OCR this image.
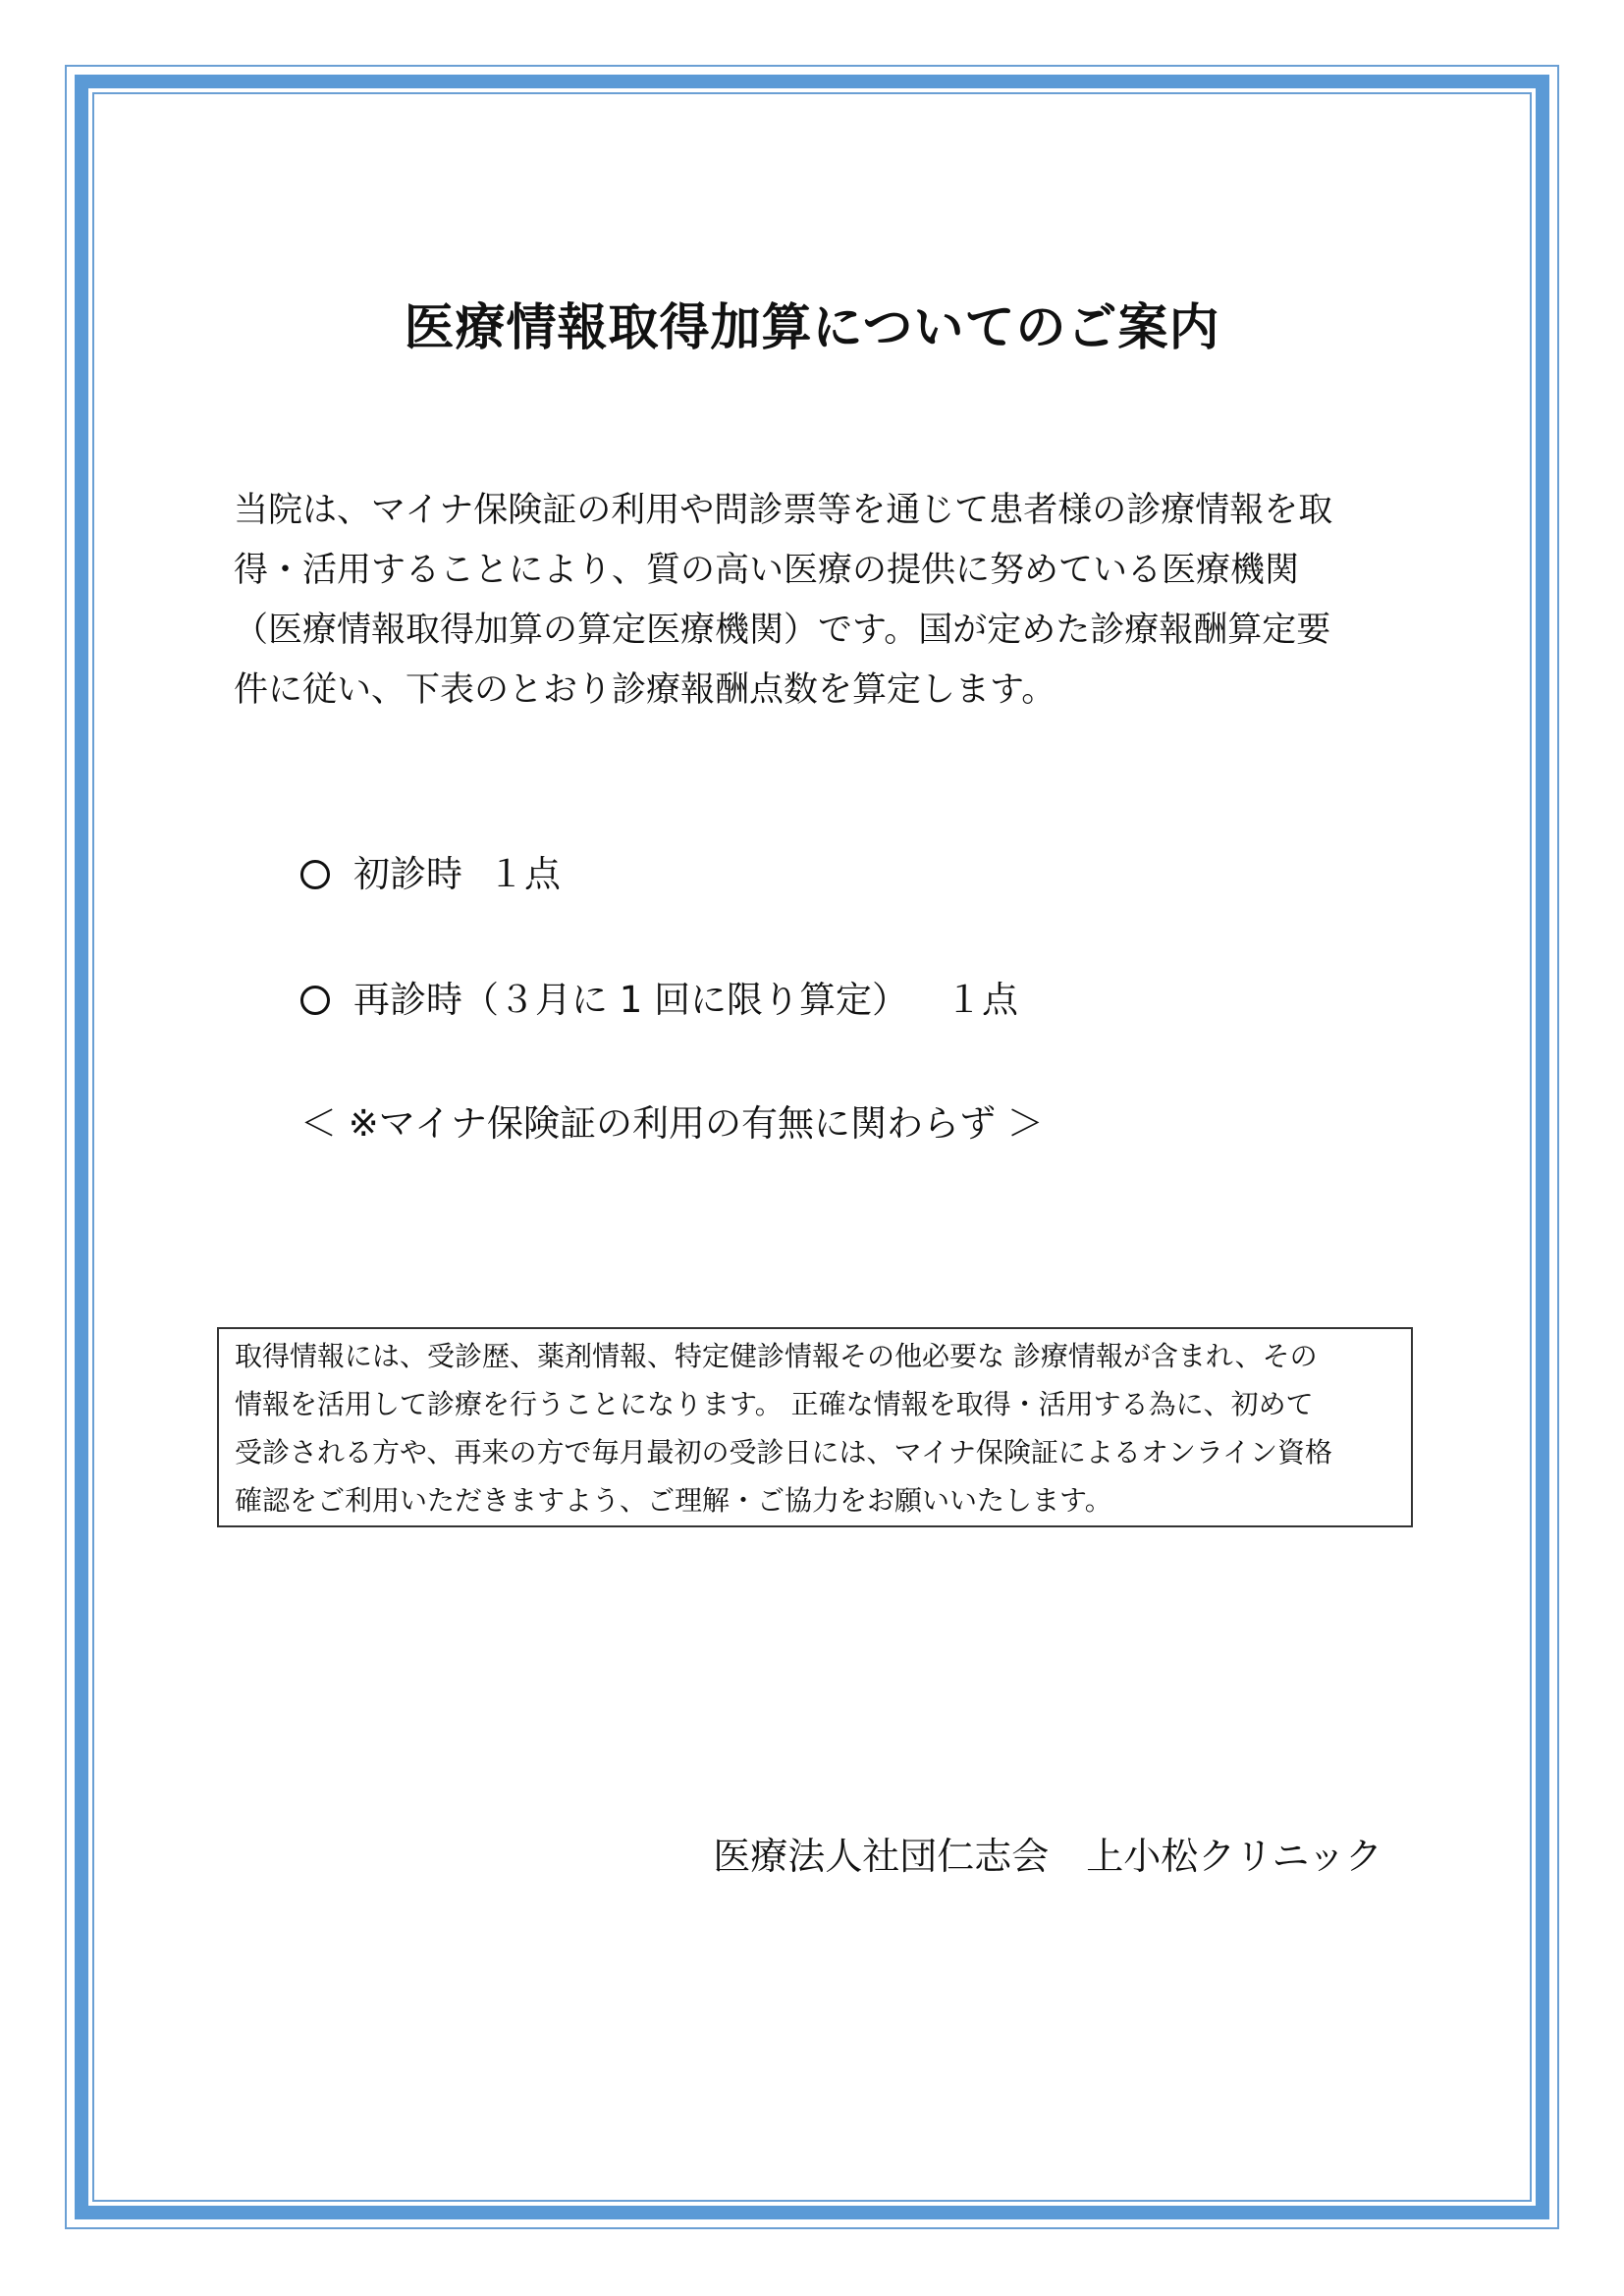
医療情報取得加算についてのご案内
当院は、マイナ保険証の利用や問診票等を通じて患者様の診療情報を取
得・活用することにより、質の高い医療の提供に努めている医療機関
（医療情報取得加算の算定医療機関）です。国が定めた診療報酬算定要
件に従い、下表のとおり診療報酬点数を算定します。
初診時 １点
再診時（３月に 1 回に限り算定） １点
＜ ※マイナ保険証の利用の有無に関わらず ＞
取得情報には、受診歴、薬剤情報、特定健診情報その他必要な 診療情報が含まれ、その
情報を活用して診療を行うことになります。 正確な情報を取得・活用する為に、初めて
受診される方や、再来の方で毎月最初の受診日には、マイナ保険証によるオンライン資格
確認をご利用いただきますよう、ご理解・ご協力をお願いいたします。
医療法人社団仁志会　上小松クリニック
